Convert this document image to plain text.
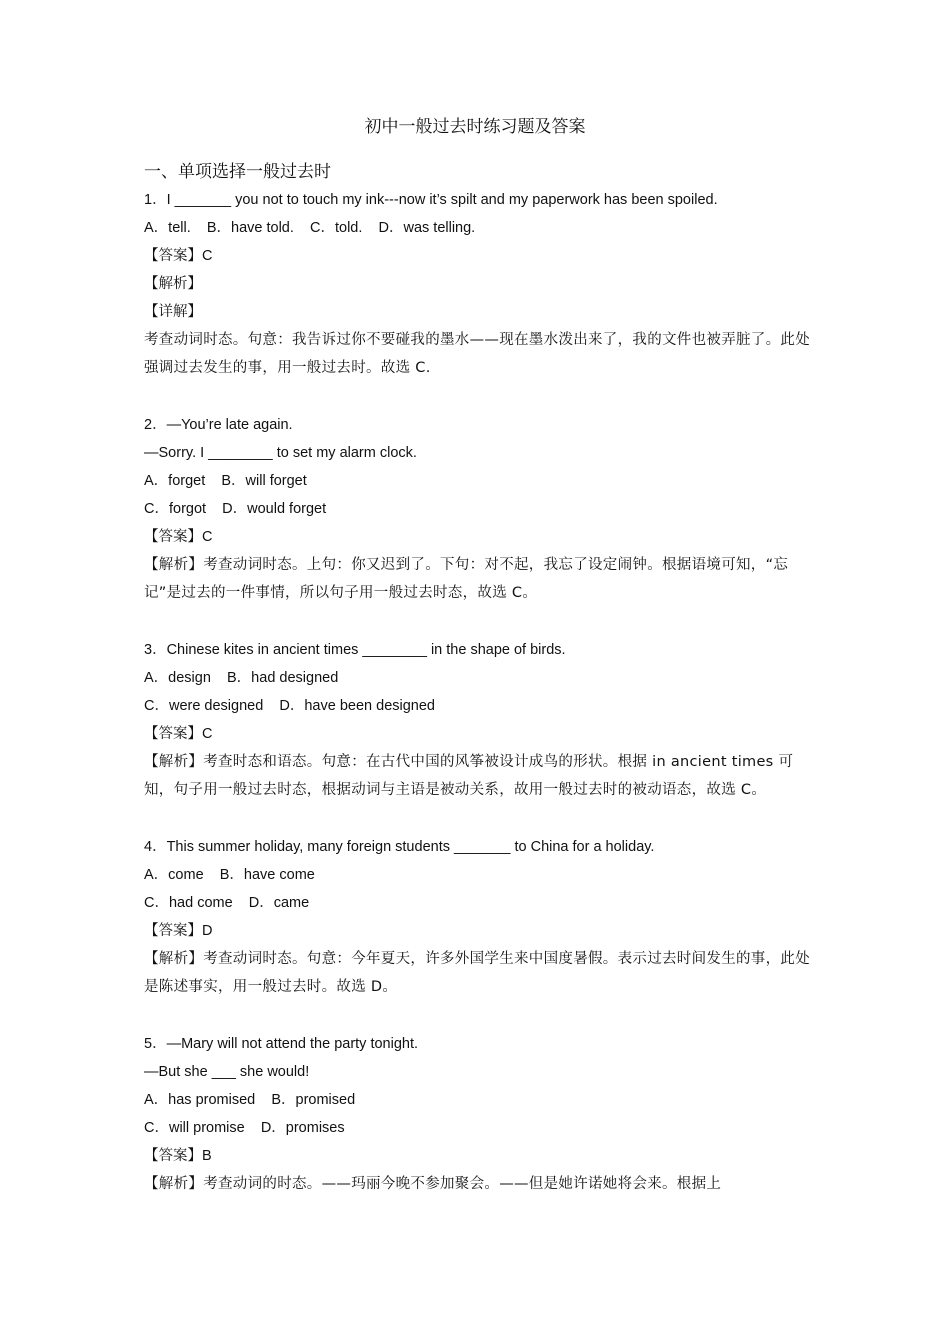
初中一般过去时练习题及答案
一、单项选择一般过去时
1．I _______ you not to touch my ink---now it’s spilt and my paperwork has been spoiled.
A．tell.    B．have told.    C．told.    D．was telling.
【答案】C
【解析】
【详解】
考查动词时态。句意：我告诉过你不要碰我的墨水——现在墨水泼出来了，我的文件也被弄脏了。此处强调过去发生的事，用一般过去时。故选 C.
2．—You’re late again.
—Sorry. I ________ to set my alarm clock.
A．forget    B．will forget
C．forgot    D．would forget
【答案】C
【解析】考查动词时态。上句：你又迟到了。下句：对不起，我忘了设定闹钟。根据语境可知，“忘记”是过去的一件事情，所以句子用一般过去时态，故选 C。
3．Chinese kites in ancient times ________ in the shape of birds.
A．design    B．had designed
C．were designed    D．have been designed
【答案】C
【解析】考查时态和语态。句意：在古代中国的风筝被设计成鸟的形状。根据 in ancient times 可知，句子用一般过去时态，根据动词与主语是被动关系，故用一般过去时的被动语态，故选 C。
4．This summer holiday, many foreign students _______ to China for a holiday.
A．come    B．have come
C．had come    D．came
【答案】D
【解析】考查动词时态。句意：今年夏天，许多外国学生来中国度暑假。表示过去时间发生的事，此处是陈述事实，用一般过去时。故选 D。
5．—Mary will not attend the party tonight.
—But she ___ she would!
A．has promised    B．promised
C．will promise    D．promises
【答案】B
【解析】考查动词的时态。——玛丽今晚不参加聚会。——但是她许诺她将会来。根据上
